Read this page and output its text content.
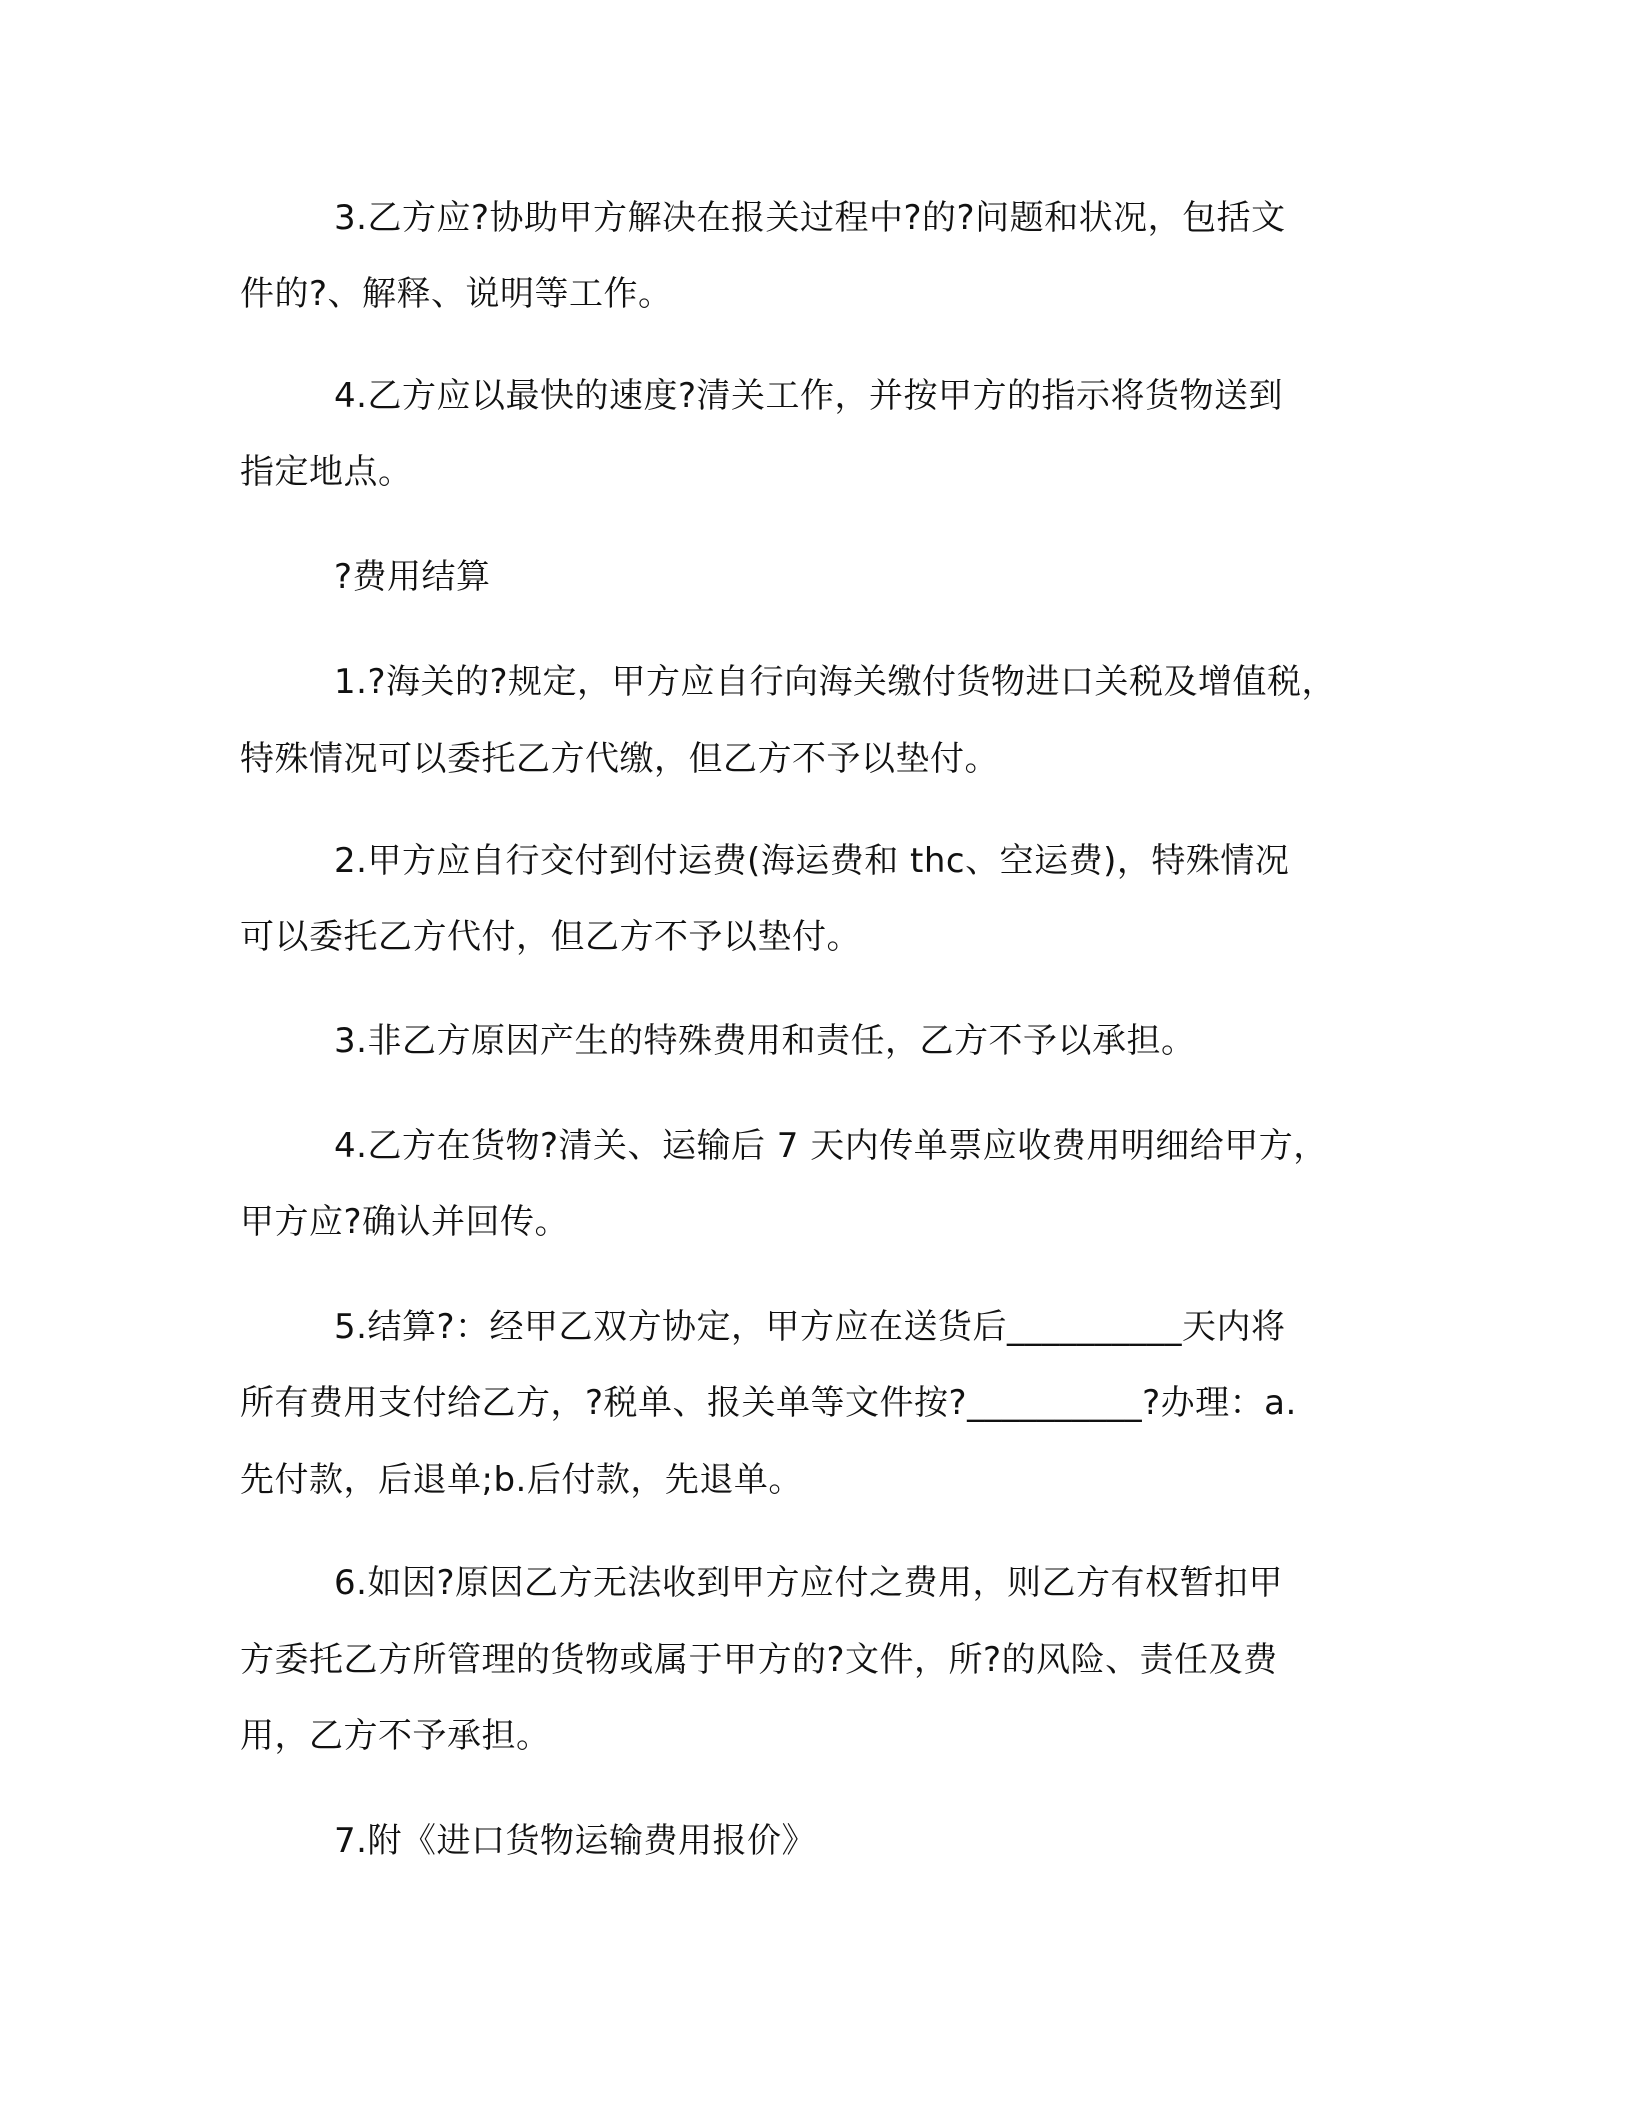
3.乙方应?协助甲方解决在报关过程中?的?问题和状况，包括文
件的?、解释、说明等工作。
4.乙方应以最快的速度?清关工作，并按甲方的指示将货物送到
指定地点。
?费用结算
1.?海关的?规定，甲方应自行向海关缴付货物进口关税及增值税，
特殊情况可以委托乙方代缴，但乙方不予以垫付。
2.甲方应自行交付到付运费(海运费和 thc、空运费)，特殊情况
可以委托乙方代付，但乙方不予以垫付。
3.非乙方原因产生的特殊费用和责任，乙方不予以承担。
4.乙方在货物?清关、运输后 7 天内传单票应收费用明细给甲方，
甲方应?确认并回传。
5.结算?：经甲乙双方协定，甲方应在送货后__________天内将
所有费用支付给乙方，?税单、报关单等文件按?__________?办理：a.
先付款，后退单;b.后付款，先退单。
6.如因?原因乙方无法收到甲方应付之费用，则乙方有权暂扣甲
方委托乙方所管理的货物或属于甲方的?文件，所?的风险、责任及费
用，乙方不予承担。
7.附《进口货物运输费用报价》
